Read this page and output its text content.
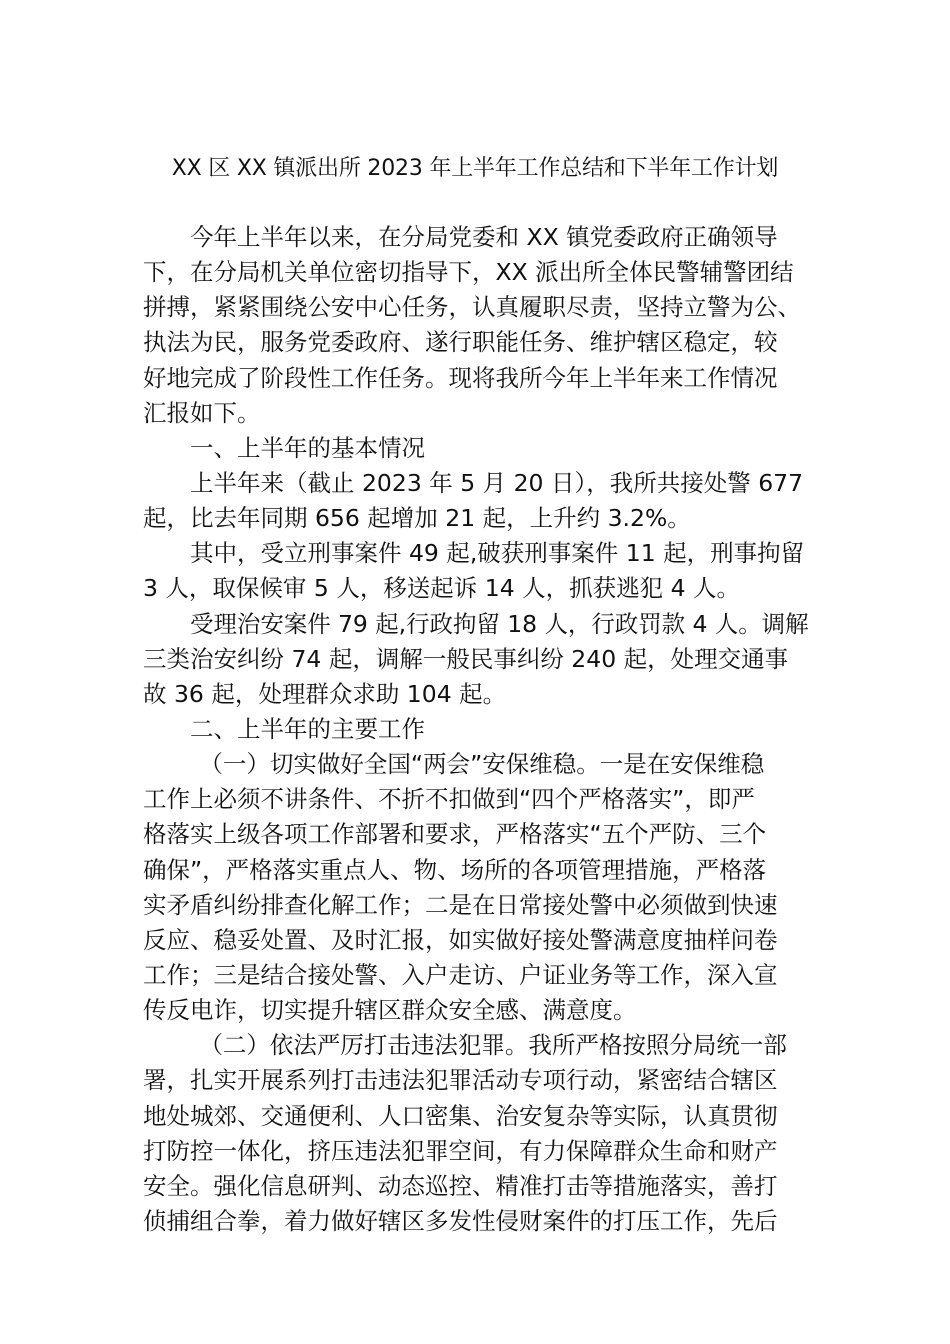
XX 区 XX 镇派出所 2023 年上半年工作总结和下半年工作计划
今年上半年以来，在分局党委和 XX 镇党委政府正确领导
下，在分局机关单位密切指导下，XX 派出所全体民警辅警团结
拼搏，紧紧围绕公安中心任务，认真履职尽责，坚持立警为公、
执法为民，服务党委政府、遂行职能任务、维护辖区稳定，较
好地完成了阶段性工作任务。现将我所今年上半年来工作情况
汇报如下。
一、上半年的基本情况
上半年来（截止 2023 年 5 月 20 日），我所共接处警 677
起，比去年同期 656 起增加 21 起，上升约 3.2%。
其中，受立刑事案件 49 起,破获刑事案件 11 起，刑事拘留
3 人，取保候审 5 人，移送起诉 14 人，抓获逃犯 4 人。
受理治安案件 79 起,行政拘留 18 人，行政罚款 4 人。调解
三类治安纠纷 74 起，调解一般民事纠纷 240 起，处理交通事
故 36 起，处理群众求助 104 起。
二、上半年的主要工作
（一）切实做好全国“两会”安保维稳。一是在安保维稳
工作上必须不讲条件、不折不扣做到“四个严格落实”，即严
格落实上级各项工作部署和要求，严格落实“五个严防、三个
确保”，严格落实重点人、物、场所的各项管理措施，严格落
实矛盾纠纷排查化解工作；二是在日常接处警中必须做到快速
反应、稳妥处置、及时汇报，如实做好接处警满意度抽样问卷
工作；三是结合接处警、入户走访、户证业务等工作，深入宣
传反电诈，切实提升辖区群众安全感、满意度。
（二）依法严厉打击违法犯罪。我所严格按照分局统一部
署，扎实开展系列打击违法犯罪活动专项行动，紧密结合辖区
地处城郊、交通便利、人口密集、治安复杂等实际，认真贯彻
打防控一体化，挤压违法犯罪空间，有力保障群众生命和财产
安全。强化信息研判、动态巡控、精准打击等措施落实，善打
侦捕组合拳，着力做好辖区多发性侵财案件的打压工作，先后
